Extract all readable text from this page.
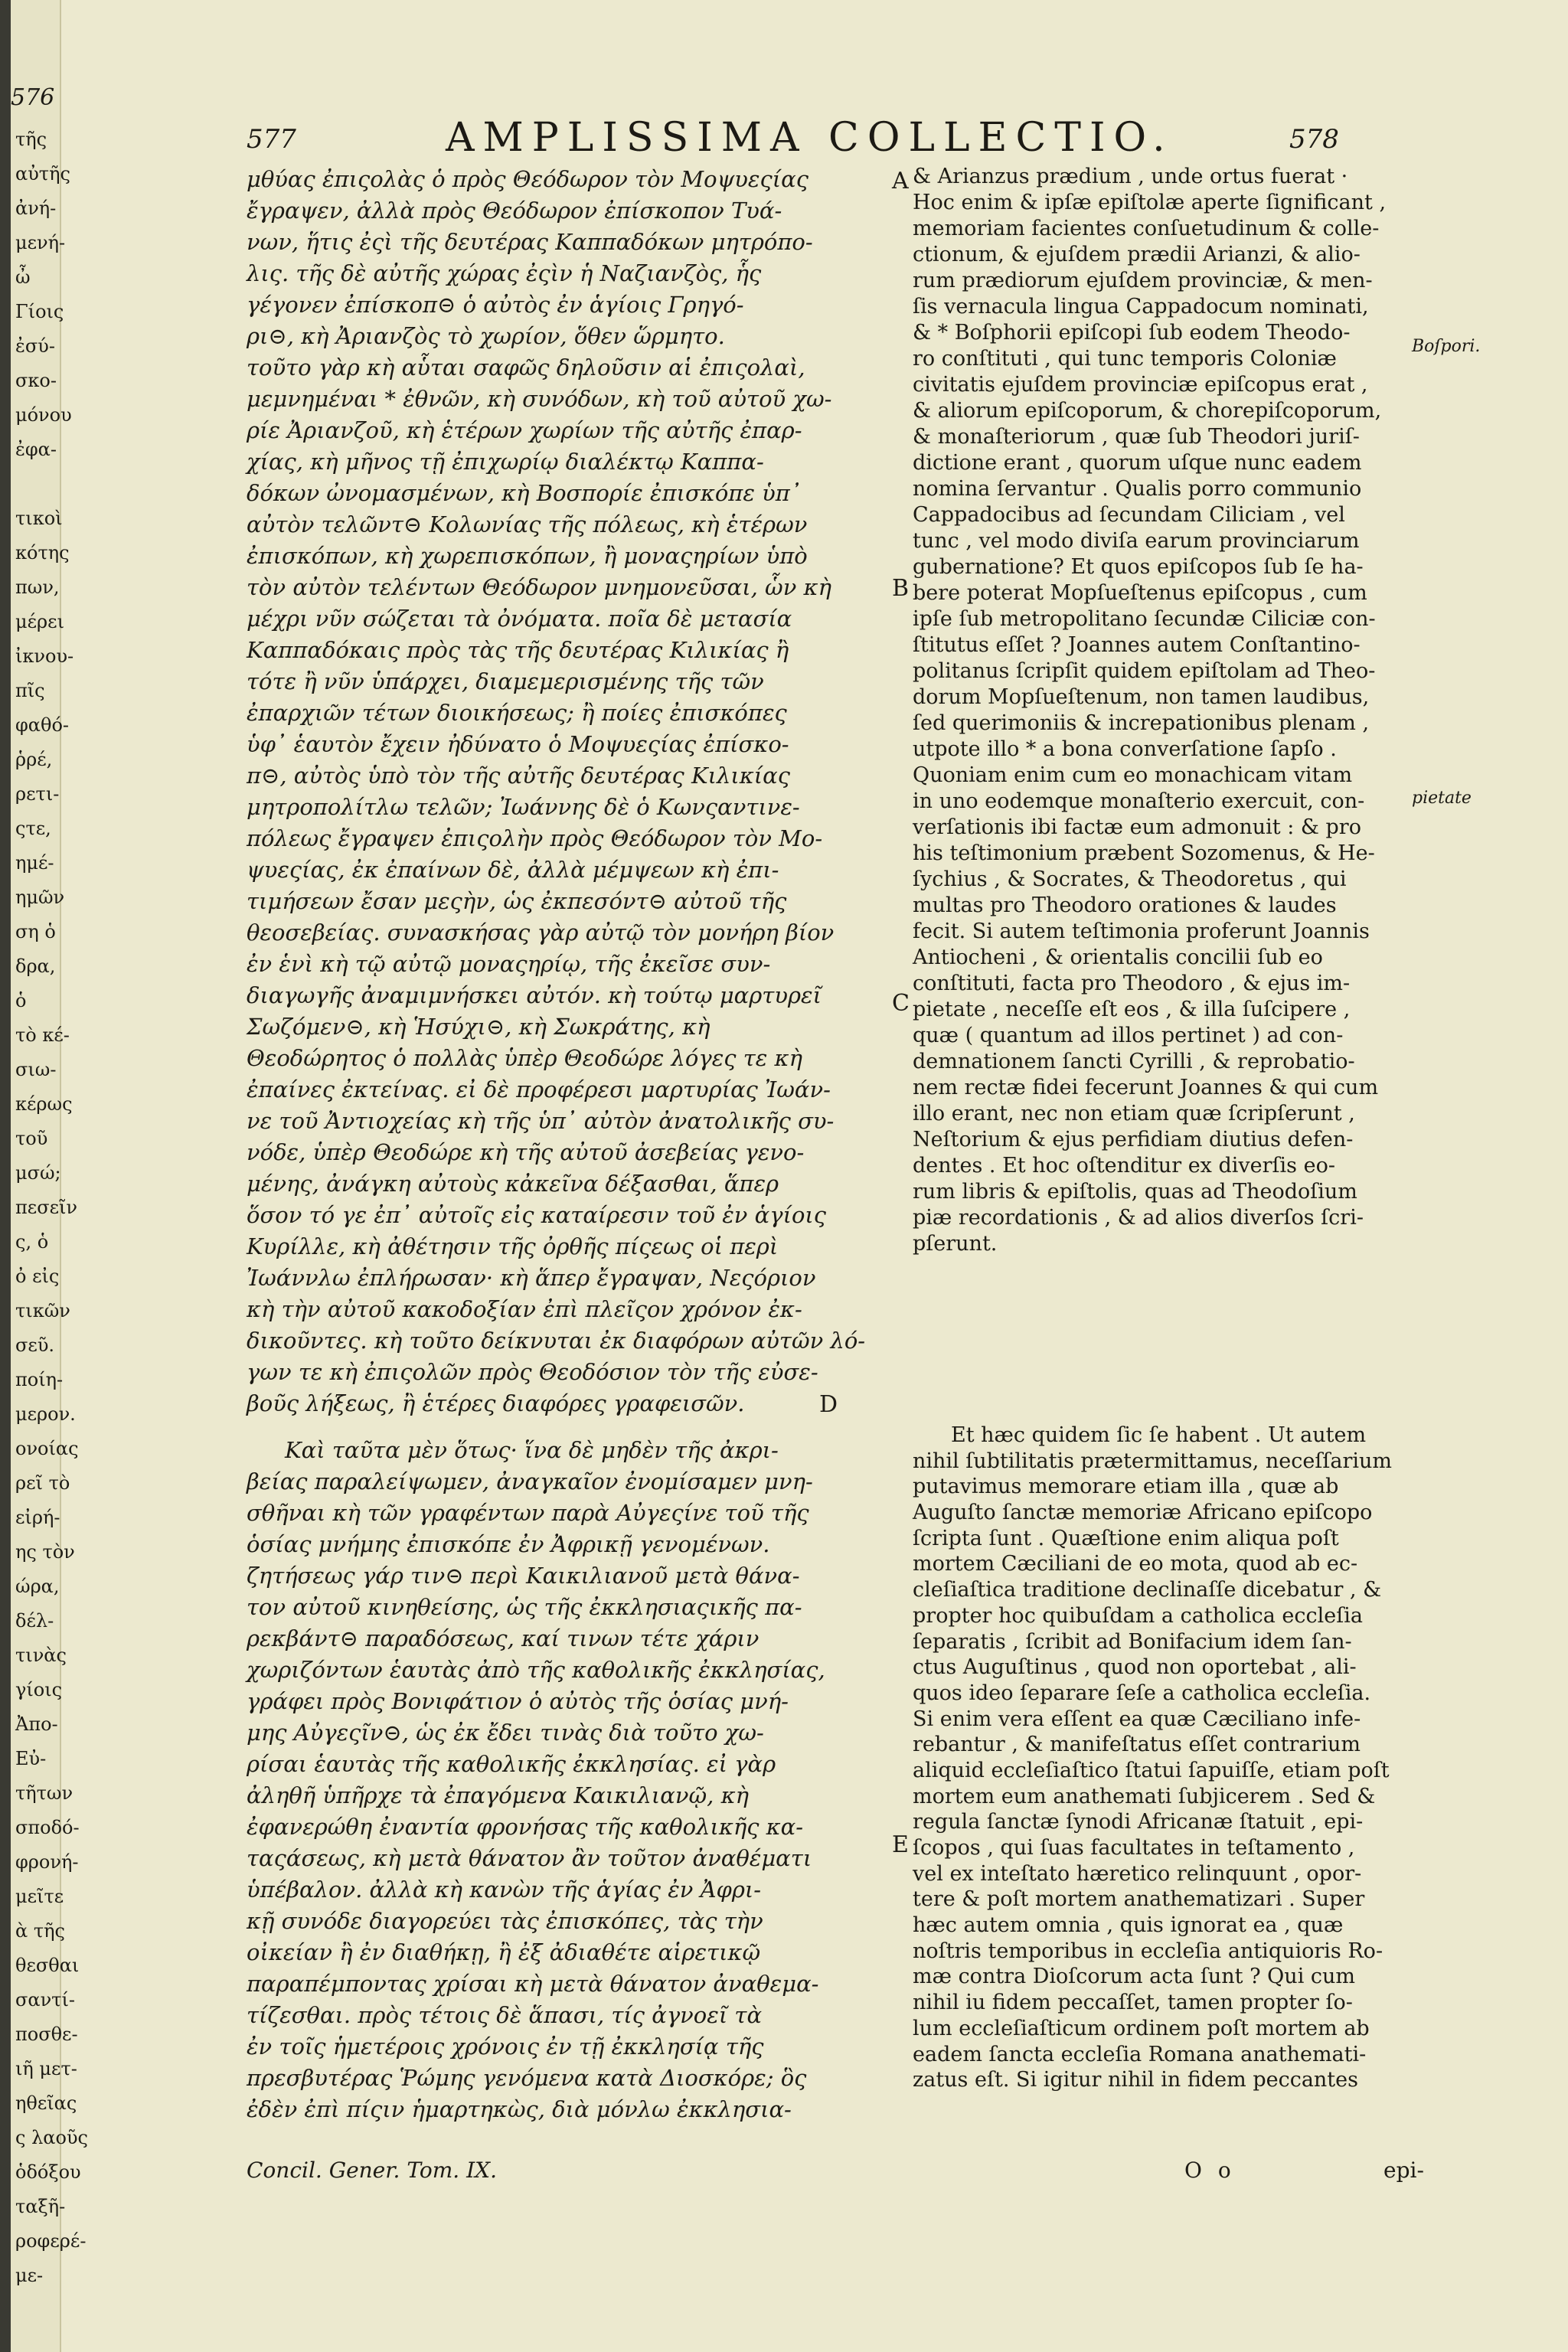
576
τῆς
αὐτῆς
ἀνή-
μενή-
ὦ
Γίοις
ἐσύ-
σκο-
μόνου
ἐφα-
τικοὶ
κότης
πων,
μέρει
ἰκνου-
πῖς
φαθό-
ῥρέ,
ρετι-
ςτε,
ημέ-
ημῶν
ση ὁ
δρα,
ὁ
τὸ κέ-
σιω-
κέρως
τοῦ
μσώ;
πεσεῖν
ς, ὁ
ὀ εἰς
τικῶν
σεῦ.
ποίη-
μερον.
ονοίας
ρεῖ τὸ
εἰρή-
ης τὸν
ώρα,
δέλ-
τινὰς
γίοις
Ἀπο-
Εὐ-
τῆτων
σποδό-
φρονή-
μεῖτε
ὰ τῆς
θεσθαι
σαντί-
ποσθε-
ιῆ μετ-
ηθεῖας
ς λαοῦς
ὁδόξου
ταξῆ-
ροφερέ-
με-
577	AMPLISSIMA COLLECTIO.	578
μθύας ἐπιςολὰς ὁ πρὸς Θεόδωρον τὸν Μοψυεςίας
ἔγραψεν, ἀλλὰ πρὸς Θεόδωρον ἐπίσκοπον Τυά-
νων, ἥτις ἐςὶ τῆς δευτέρας Καππαδόκων μητρόπο-
λις. τῆς δὲ αὐτῆς χώρας ἐςὶν ἡ Ναζιανζὸς, ἧς
γέγονεν ἐπίσκοπ⊝ ὁ αὐτὸς ἐν ἁγίοις Γρηγό-
ρι⊝, κὴ Ἀριανζὸς τὸ χωρίον, ὅθεν ὥρμητο.
τοῦτο γὰρ κὴ αὗται σαφῶς δηλοῦσιν αἱ ἐπιςολαὶ,
μεμνημέναι * ἐθνῶν, κὴ συνόδων, κὴ τοῦ αὐτοῦ χω-
ρίε Ἀριανζοῦ, κὴ ἑτέρων χωρίων τῆς αὐτῆς ἐπαρ-
χίας, κὴ μῆνος τῇ ἐπιχωρίῳ διαλέκτῳ Καππα-
δόκων ὠνομασμένων, κὴ Βοσπορίε ἐπισκόπε ὑπ᾽
αὐτὸν τελῶντ⊝ Κολωνίας τῆς πόλεως, κὴ ἑτέρων
ἐπισκόπων, κὴ χωρεπισκόπων, ἢ μοναςηρίων ὑπὸ
τὸν αὐτὸν τελέντων Θεόδωρον μνημονεῦσαι, ὧν κὴ
μέχρι νῦν σώζεται τὰ ὀνόματα. ποῖα δὲ μετασία
Καππαδόκαις πρὸς τὰς τῆς δευτέρας Κιλικίας ἢ
τότε ἢ νῦν ὑπάρχει, διαμεμερισμένης τῆς τῶν
ἐπαρχιῶν τέτων διοικήσεως; ἢ ποίες ἐπισκόπες
ὑφ᾽ ἑαυτὸν ἔχειν ἠδύνατο ὁ Μοψυεςίας ἐπίσκο-
π⊝, αὐτὸς ὑπὸ τὸν τῆς αὐτῆς δευτέρας Κιλικίας
μητροπολίτλω τελῶν; Ἰωάννης δὲ ὁ Κωνςαντινε-
πόλεως ἔγραψεν ἐπιςολὴν πρὸς Θεόδωρον τὸν Μο-
ψυεςίας, ἐκ ἐπαίνων δὲ, ἀλλὰ μέμψεων κὴ ἐπι-
τιμήσεων ἔσαν μεςὴν, ὡς ἐκπεσόντ⊝ αὐτοῦ τῆς
θεοσεβείας. συνασκήσας γὰρ αὐτῷ τὸν μονήρη βίον
ἐν ἑνὶ κὴ τῷ αὐτῷ μοναςηρίῳ, τῆς ἐκεῖσε συν-
διαγωγῆς ἀναμιμνήσκει αὐτόν. κὴ τούτῳ μαρτυρεῖ
Σωζόμεν⊝, κὴ Ἡσύχι⊝, κὴ Σωκράτης, κὴ
Θεοδώρητος ὁ πολλὰς ὑπὲρ Θεοδώρε λόγες τε κὴ
ἐπαίνες ἐκτείνας. εἰ δὲ προφέρεσι μαρτυρίας Ἰωάν-
νε τοῦ Ἀντιοχείας κὴ τῆς ὑπ᾽ αὐτὸν ἀνατολικῆς συ-
νόδε, ὑπὲρ Θεοδώρε κὴ τῆς αὐτοῦ ἀσεβείας γενο-
μένης, ἀνάγκη αὐτοὺς κἀκεῖνα δέξασθαι, ἅπερ
ὅσον τό γε ἐπ᾽ αὐτοῖς εἰς καταίρεσιν τοῦ ἐν ἁγίοις
Κυρίλλε, κὴ ἀθέτησιν τῆς ὀρθῆς πίςεως οἱ περὶ
Ἰωάννλω ἐπλήρωσαν· κὴ ἅπερ ἔγραψαν, Νεςόριον
κὴ τὴν αὐτοῦ κακοδοξίαν ἐπὶ πλεῖςον χρόνον ἐκ-
δικοῦντες. κὴ τοῦτο δείκνυται ἐκ διαφόρων αὐτῶν λό-
γων τε κὴ ἐπιςολῶν πρὸς Θεοδόσιον τὸν τῆς εὐσε-
βοῦς λήξεως, ἢ ἑτέρες διαφόρες γραφεισῶν.
Καὶ ταῦτα μὲν ὅτως· ἵνα δὲ μηδὲν τῆς ἀκρι-
βείας παραλείψωμεν, ἀναγκαῖον ἐνομίσαμεν μνη-
σθῆναι κὴ τῶν γραφέντων παρὰ Αὐγεςίνε τοῦ τῆς
ὁσίας μνήμης ἐπισκόπε ἐν Ἀφρικῇ γενομένων.
ζητήσεως γάρ τιν⊝ περὶ Καικιλιανοῦ μετὰ θάνα-
τον αὐτοῦ κινηθείσης, ὡς τῆς ἐκκλησιαςικῆς πα-
ρεκβάντ⊝ παραδόσεως, καί τινων τέτε χάριν
χωριζόντων ἑαυτὰς ἀπὸ τῆς καθολικῆς ἐκκλησίας,
γράφει πρὸς Βονιφάτιον ὁ αὐτὸς τῆς ὁσίας μνή-
μης Αὐγεςῖν⊝, ὡς ἐκ ἔδει τινὰς διὰ τοῦτο χω-
ρίσαι ἑαυτὰς τῆς καθολικῆς ἐκκλησίας. εἰ γὰρ
ἀληθῆ ὑπῆρχε τὰ ἐπαγόμενα Καικιλιανῷ, κὴ
ἐφανερώθη ἐναντία φρονήσας τῆς καθολικῆς κα-
ταςάσεως, κὴ μετὰ θάνατον ἂν τοῦτον ἀναθέματι
ὑπέβαλον. ἀλλὰ κὴ κανὼν τῆς ἁγίας ἐν Ἀφρι-
κῇ συνόδε διαγορεύει τὰς ἐπισκόπες, τὰς τὴν
οἰκείαν ἢ ἐν διαθήκῃ, ἢ ἐξ ἀδιαθέτε αἱρετικῷ
παραπέμποντας χρίσαι κὴ μετὰ θάνατον ἀναθεμα-
τίζεσθαι. πρὸς τέτοις δὲ ἅπασι, τίς ἀγνοεῖ τὰ
ἐν τοῖς ἡμετέροις χρόνοις ἐν τῇ ἐκκλησίᾳ τῆς
πρεσβυτέρας Ῥώμης γενόμενα κατὰ Διοσκόρε; ὃς
ἐδὲν ἐπὶ πίςιν ἡμαρτηκὼς, διὰ μόνλω ἐκκλησια-
& Arianzus prædium , unde ortus fuerat ·
Hoc enim & ipſæ epiſtolæ aperte ſignificant ,
memoriam facientes conſuetudinum & colle-
ctionum, & ejuſdem prædii Arianzi, & alio-
rum prædiorum ejuſdem provinciæ, & men-
ſis vernacula lingua Cappadocum nominati,
& * Boſphorii epiſcopi ſub eodem Theodo-
ro conſtituti , qui tunc temporis Coloniæ
civitatis ejuſdem provinciæ epiſcopus erat ,
& aliorum epiſcoporum, & chorepiſcoporum,
& monaſteriorum , quæ ſub Theodori juriſ-
dictione erant , quorum uſque nunc eadem
nomina ſervantur . Qualis porro communio
Cappadocibus ad ſecundam Ciliciam , vel
tunc , vel modo diviſa earum provinciarum
gubernatione? Et quos epiſcopos ſub ſe ha-
bere poterat Mopſueſtenus epiſcopus , cum
ipſe ſub metropolitano ſecundæ Ciliciæ con-
ſtitutus eſſet ? Joannes autem Conſtantino-
politanus ſcripſit quidem epiſtolam ad Theo-
dorum Mopſueſtenum, non tamen laudibus,
ſed querimoniis & increpationibus plenam ,
utpote illo * a bona converſatione ſapſo .
Quoniam enim cum eo monachicam vitam
in uno eodemque monaſterio exercuit, con-
verſationis ibi factæ eum admonuit : & pro
his teſtimonium præbent Sozomenus, & He-
ſychius , & Socrates, & Theodoretus , qui
multas pro Theodoro orationes & laudes
fecit. Si autem teſtimonia proferunt Joannis
Antiocheni , & orientalis concilii ſub eo
conſtituti, facta pro Theodoro , & ejus im-
pietate , neceſſe eſt eos , & illa ſuſcipere ,
quæ ( quantum ad illos pertinet ) ad con-
demnationem ſancti Cyrilli , & reprobatio-
nem rectæ fidei fecerunt Joannes & qui cum
illo erant, nec non etiam quæ ſcripſerunt ,
Neſtorium & ejus perfidiam diutius defen-
dentes . Et hoc oſtenditur ex diverſis eo-
rum libris & epiſtolis, quas ad Theodoſium
piæ recordationis , & ad alios diverſos ſcri-
pſerunt.
Et hæc quidem ſic ſe habent . Ut autem
nihil ſubtilitatis prætermittamus, neceſſarium
putavimus memorare etiam illa , quæ ab
Auguſto ſanctæ memoriæ Africano epiſcopo
ſcripta ſunt . Quæſtione enim aliqua poſt
mortem Cæciliani de eo mota, quod ab ec-
cleſiaſtica traditione declinaſſe dicebatur , &
propter hoc quibuſdam a catholica eccleſia
ſeparatis , ſcribit ad Bonifacium idem ſan-
ctus Auguſtinus , quod non oportebat , ali-
quos ideo ſeparare ſeſe a catholica eccleſia.
Si enim vera eſſent ea quæ Cæciliano infe-
rebantur , & manifeſtatus eſſet contrarium
aliquid eccleſiaſtico ſtatui ſapuiſſe, etiam poſt
mortem eum anathemati ſubjicerem . Sed &
regula ſanctæ ſynodi Africanæ ſtatuit , epi-
ſcopos , qui ſuas facultates in teſtamento ,
vel ex inteſtato hæretico relinquunt , opor-
tere & poſt mortem anathematizari . Super
hæc autem omnia , quis ignorat ea , quæ
noſtris temporibus in eccleſia antiquioris Ro-
mæ contra Dioſcorum acta ſunt ? Qui cum
nihil iu fidem peccaſſet, tamen propter ſo-
lum eccleſiaſticum ordinem poſt mortem ab
eadem ſancta eccleſia Romana anathemati-
zatus eſt. Si igitur nihil in fidem peccantes
A
B
C
D
E
Boſpori.
pietate
Concil. Gener. Tom. IX.	O o	epi-
